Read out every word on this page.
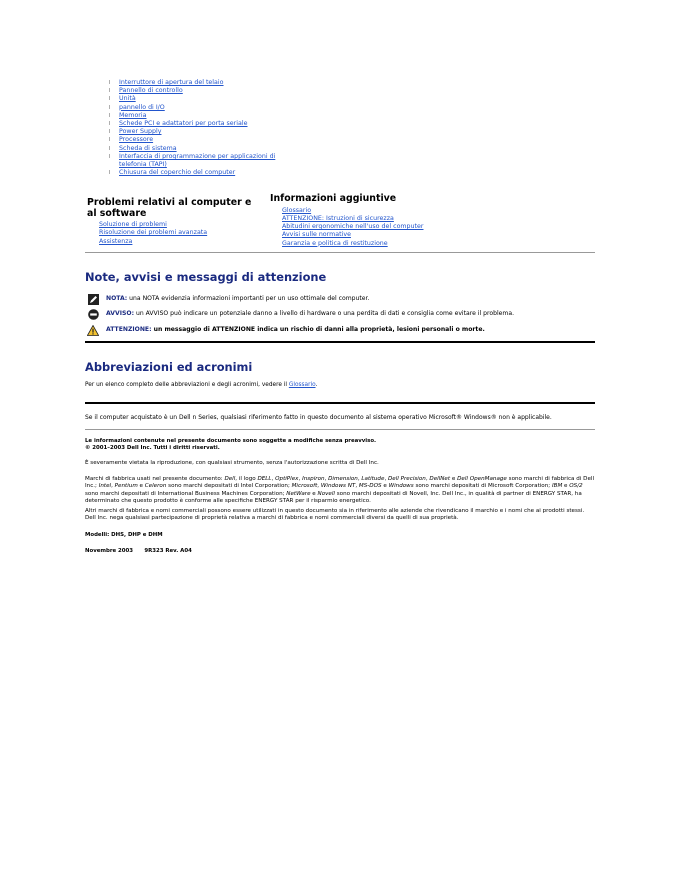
l Interruttore di apertura del telaio
l Pannello di controllo
l Unità
l pannello di I/O
l Memoria
l Schede PCI e adattatori per porta seriale
l Power Supply
l Processore
l Scheda di sistema
l Interfaccia di programmazione per applicazioni di telefonia (TAPI)
l Chiusura del coperchio del computer
Problemi relativi al computer e al software
Soluzione di problemi
Risoluzione dei problemi avanzata
Assistenza
Informazioni aggiuntive
Glossario
ATTENZIONE: Istruzioni di sicurezza
Abitudini ergonomiche nell'uso del computer
Avvisi sulle normative
Garanzia e politica di restituzione
Note, avvisi e messaggi di attenzione
NOTA: una NOTA evidenzia informazioni importanti per un uso ottimale del computer.
AVVISO: un AVVISO può indicare un potenziale danno a livello di hardware o una perdita di dati e consiglia come evitare il problema.
ATTENZIONE: un messaggio di ATTENZIONE indica un rischio di danni alla proprietà, lesioni personali o morte.
Abbreviazioni ed acronimi
Per un elenco completo delle abbreviazioni e degli acronimi, vedere il Glossario.
Se il computer acquistato è un Dell n Series, qualsiasi riferimento fatto in questo documento al sistema operativo Microsoft® Windows® non è applicabile.
Le informazioni contenute nel presente documento sono soggette a modifiche senza preavviso.
© 2001–2003 Dell Inc. Tutti i diritti riservati.
È severamente vietata la riproduzione, con qualsiasi strumento, senza l'autorizzazione scritta di Dell Inc.
Marchi di fabbrica usati nel presente documento: Dell, il logo DELL, OptiPlex, Inspiron, Dimension, Latitude, Dell Precision, DellNet e Dell OpenManage sono marchi di fabbrica di Dell Inc.; Intel, Pentium e Celeron sono marchi depositati di Intel Corporation; Microsoft, Windows NT, MS-DOS e Windows sono marchi depositati di Microsoft Corporation; IBM e OS/2 sono marchi depositati di International Business Machines Corporation; NetWare e Novell sono marchi depositati di Novell, Inc. Dell Inc., in qualità di partner di ENERGY STAR, ha determinato che questo prodotto è conforme alle specifiche ENERGY STAR per il risparmio energetico.
Altri marchi di fabbrica e nomi commerciali possono essere utilizzati in questo documento sia in riferimento alle aziende che rivendicano il marchio e i nomi che ai prodotti stessi. Dell Inc. nega qualsiasi partecipazione di proprietà relativa a marchi di fabbrica e nomi commerciali diversi da quelli di sua proprietà.
Modelli: DHS, DHP e DHM
Novembre 2003      9R323 Rev. A04
